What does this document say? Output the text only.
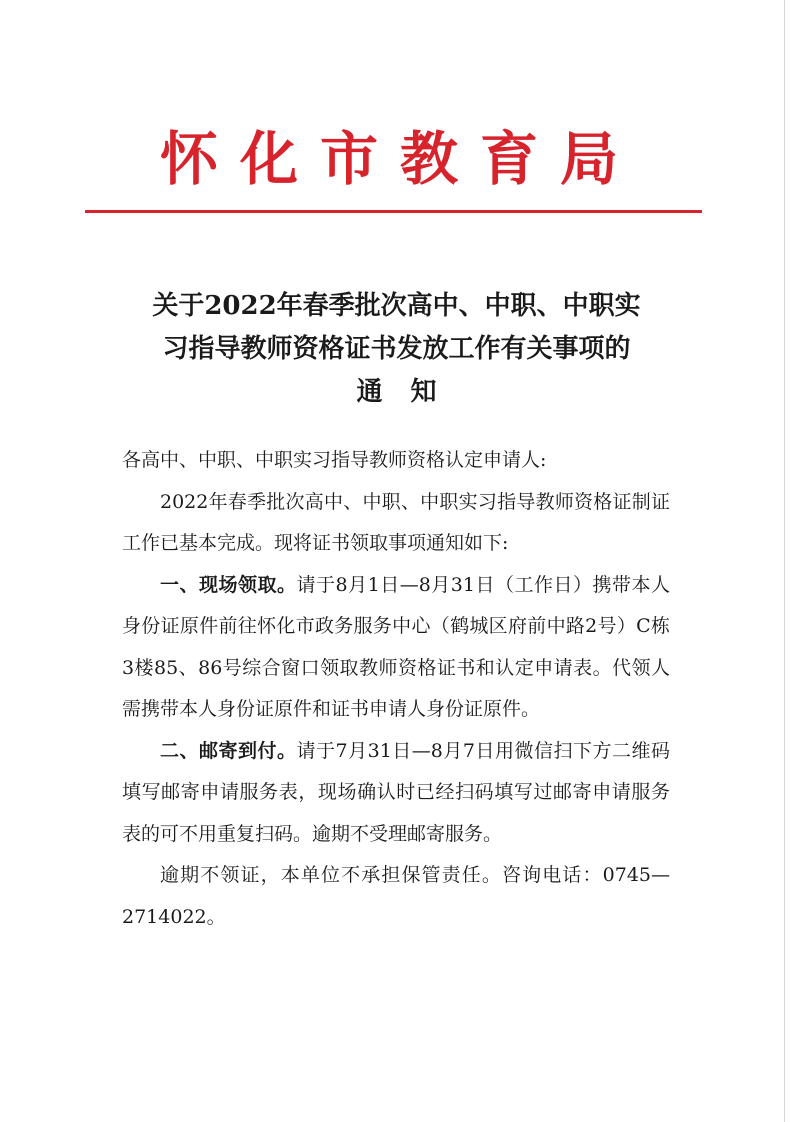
怀化市教育局
关于2022年春季批次高中、中职、中职实
习指导教师资格证书发放工作有关事项的
通知

各高中、中职、中职实习指导教师资格认定申请人:

2022年春季批次高中、中职、中职实习指导教师资格证制证工作已基本完成。现将证书领取事项通知如下:

一、现场领取。请于8月1日—8月31日（工作日）携带本人身份证原件前往怀化市政务服务中心（鹤城区府前中路2号）C栋3楼85、86号综合窗口领取教师资格证书和认定申请表。代领人需携带本人身份证原件和证书申请人身份证原件。

二、邮寄到付。请于7月31日—8月7日用微信扫下方二维码填写邮寄申请服务表，现场确认时已经扫码填写过邮寄申请服务表的可不用重复扫码。逾期不受理邮寄服务。

逾期不领证，本单位不承担保管责任。咨询电话：0745—2714022。
